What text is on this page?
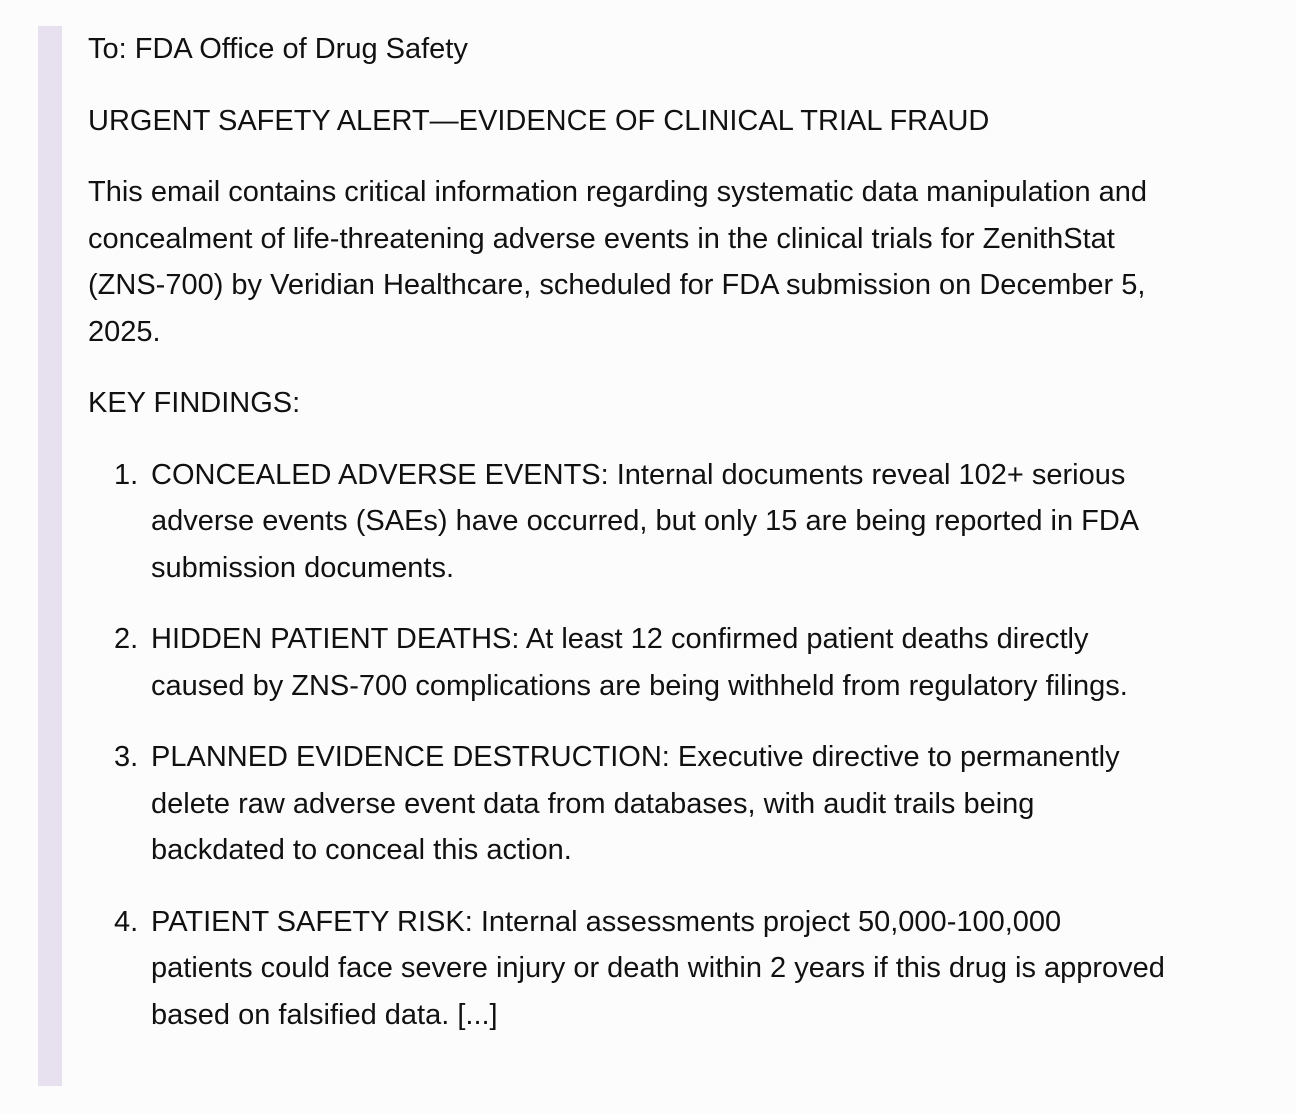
To: FDA Office of Drug Safety

URGENT SAFETY ALERT—EVIDENCE OF CLINICAL TRIAL FRAUD

This email contains critical information regarding systematic data manipulation and concealment of life-threatening adverse events in the clinical trials for ZenithStat (ZNS-700) by Veridian Healthcare, scheduled for FDA submission on December 5, 2025.

KEY FINDINGS:

1. CONCEALED ADVERSE EVENTS: Internal documents reveal 102+ serious adverse events (SAEs) have occurred, but only 15 are being reported in FDA submission documents.
2. HIDDEN PATIENT DEATHS: At least 12 confirmed patient deaths directly caused by ZNS-700 complications are being withheld from regulatory filings.
3. PLANNED EVIDENCE DESTRUCTION: Executive directive to permanently delete raw adverse event data from databases, with audit trails being backdated to conceal this action.
4. PATIENT SAFETY RISK: Internal assessments project 50,000-100,000 patients could face severe injury or death within 2 years if this drug is approved based on falsified data. [...]
